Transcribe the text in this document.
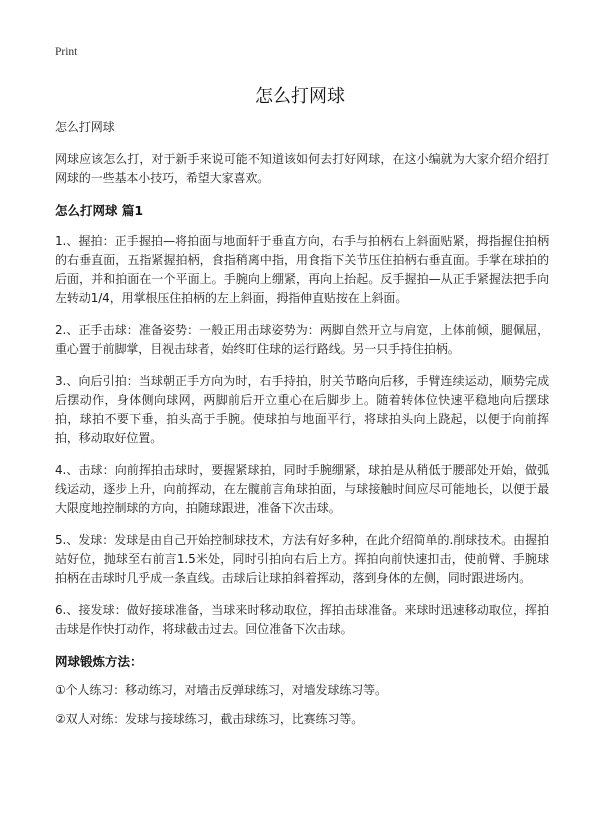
Print
怎么打网球

怎么打网球

网球应该怎么打，对于新手来说可能不知道该如何去打好网球，在这小编就为大家介绍介绍打网球的一些基本小技巧，希望大家喜欢。

怎么打网球 篇1

1.、握拍：正手握拍—将拍面与地面轩于垂直方向，右手与拍柄右上斜面贴紧，拇指握住拍柄的右垂直面，五指紧握拍柄，食指稍离中指，用食指下关节压住拍柄右垂直面。手掌在球拍的后面，并和拍面在一个平面上。手腕向上绷紧，再向上抬起。反手握拍—从正手紧握法把手向左转动1/4，用掌根压住拍柄的左上斜面，拇指伸直贴按在上斜面。

2.、正手击球：准备姿势：一般正用击球姿势为：两脚自然开立与肩宽，上体前倾，腿佩屈，重心置于前脚掌，目视击球者，始终盯住球的运行路线。另一只手持住拍柄。

3.、向后引拍：当球朝正手方向为时，右手持拍，肘关节略向后移，手臂连续运动，顺势完成后摆动作，身体侧向球网，两脚前后开立重心在后脚步上。随着转体位快速平稳地向后摆球拍，球拍不要下垂，拍头高于手腕。使球拍与地面平行，将球拍头向上跷起，以便于向前挥拍，移动取好位置。

4.、击球：向前挥拍击球时，要握紧球拍，同时手腕绷紧，球拍是从稍低于腰部处开始，做弧线运动，逐步上升，向前挥动，在左髋前言角球拍面，与球接触时间应尽可能地长，以便于最大限度地控制球的方向，拍随球跟进，准备下次击球。

5.、发球：发球是由自己开始控制球技术，方法有好多种，在此介绍简单的.削球技术。由握拍站好位，抛球至右前言1.5米处，同时引拍向右后上方。挥拍向前快速扣击，使前臂、手腕球拍柄在击球时几乎成一条直线。击球后让球拍斜着挥动，落到身体的左侧，同时跟进场内。

6.、接发球：做好接球准备，当球来时移动取位，挥拍击球准备。来球时迅速移动取位，挥拍击球是作快打动作，将球截击过去。回位准备下次击球。

网球锻炼方法：

①个人练习：移动练习，对墙击反弹球练习，对墙发球练习等。

②双人对练：发球与接球练习，截击球练习，比赛练习等。
